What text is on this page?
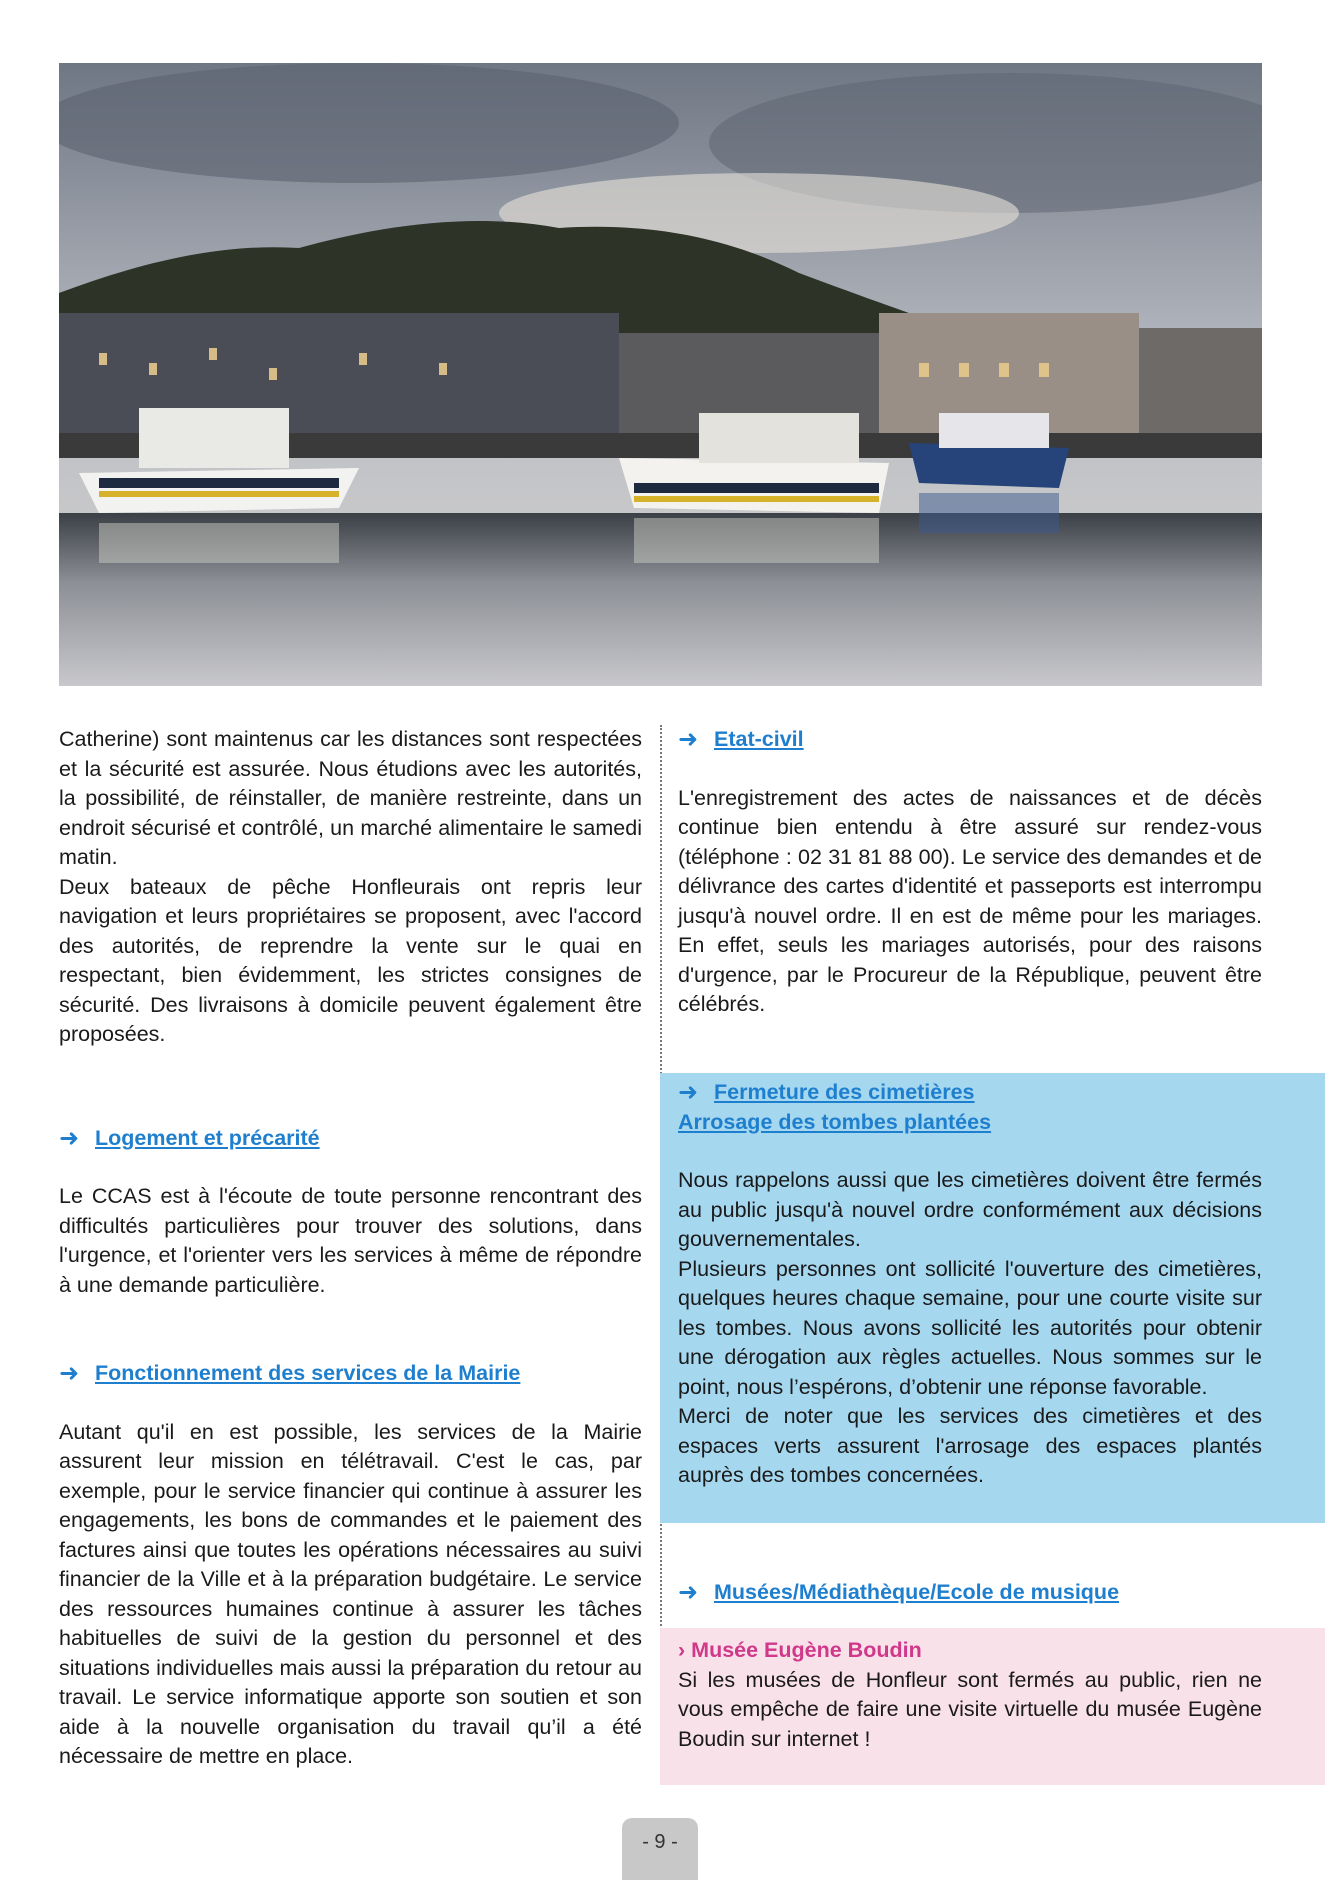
Catherine) sont maintenus car les distances sont respectées et la sécurité est assurée. Nous étudions avec les autorités, la possibilité, de réinstaller, de manière restreinte, dans un endroit sécurisé et contrôlé, un marché alimentaire le samedi matin.

Deux bateaux de pêche Honfleurais ont repris leur navigation et leurs propriétaires se proposent, avec l'accord des autorités, de reprendre la vente sur le quai en respectant, bien évidemment, les strictes consignes de sécurité. Des livraisons à domicile peuvent également être proposées.

➜ Logement et précarité

Le CCAS est à l'écoute de toute personne rencontrant des difficultés particulières pour trouver des solutions, dans l'urgence, et l'orienter vers les services à même de répondre à une demande particulière.

➜ Fonctionnement des services de la Mairie

Autant qu'il en est possible, les services de la Mairie assurent leur mission en télétravail. C'est le cas, par exemple, pour le service financier qui continue à assurer les engagements, les bons de commandes et le paiement des factures ainsi que toutes les opérations nécessaires au suivi financier de la Ville et à la préparation budgétaire. Le service des ressources humaines continue à assurer les tâches habituelles de suivi de la gestion du personnel et des situations individuelles mais aussi la préparation du retour au travail. Le service informatique apporte son soutien et son aide à la nouvelle organisation du travail qu’il a été nécessaire de mettre en place.

➜ Etat-civil

L'enregistrement des actes de naissances et de décès continue bien entendu à être assuré sur rendez-vous (téléphone : 02 31 81 88 00). Le service des demandes et de délivrance des cartes d'identité et passeports est interrompu jusqu'à nouvel ordre. Il en est de même pour les mariages. En effet, seuls les mariages autorisés, pour des raisons d'urgence, par le Procureur de la République, peuvent être célébrés.

➜ Fermeture des cimetières
Arrosage des tombes plantées

Nous rappelons aussi que les cimetières doivent être fermés au public jusqu'à nouvel ordre conformément aux décisions gouvernementales.

Plusieurs personnes ont sollicité l'ouverture des cimetières, quelques heures chaque semaine, pour une courte visite sur les tombes. Nous avons sollicité les autorités pour obtenir une dérogation aux règles actuelles. Nous sommes sur le point, nous l’espérons, d’obtenir une réponse favorable.

Merci de noter que les services des cimetières et des espaces verts assurent l'arrosage des espaces plantés auprès des tombes concernées.

➜ Musées/Médiathèque/Ecole de musique
› Musée Eugène Boudin

Si les musées de Honfleur sont fermés au public, rien ne vous empêche de faire une visite virtuelle du musée Eugène Boudin sur internet !

- 9 -
